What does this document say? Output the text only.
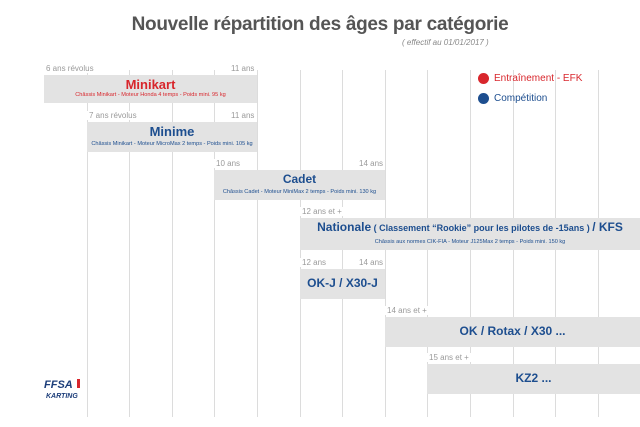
Nouvelle répartition des âges par catégorie
( effectif au 01/01/2017 )
Entraînement - EFK
Compétition
Minikart
Châssis Minikart - Moteur Honda 4 temps - Poids mini. 95 kg
6 ans révolus	11 ans
Minime
Châssis Minikart - Moteur MicroMax 2 temps - Poids mini. 105 kg
7 ans révolus	11 ans
Cadet
Châssis Cadet - Moteur MiniMax 2 temps - Poids mini. 130 kg
10 ans	14 ans
Nationale ( Classement “Rookie” pour les pilotes de -15ans ) / KFS
Châssis aux normes CIK-FIA - Moteur J125Max 2 temps - Poids mini. 150 kg
12 ans et +
OK-J / X30-J
12 ans	14 ans
OK / Rotax / X30 ...
14 ans et +
KZ2 ...
15 ans et +
FFSA
KARTING
